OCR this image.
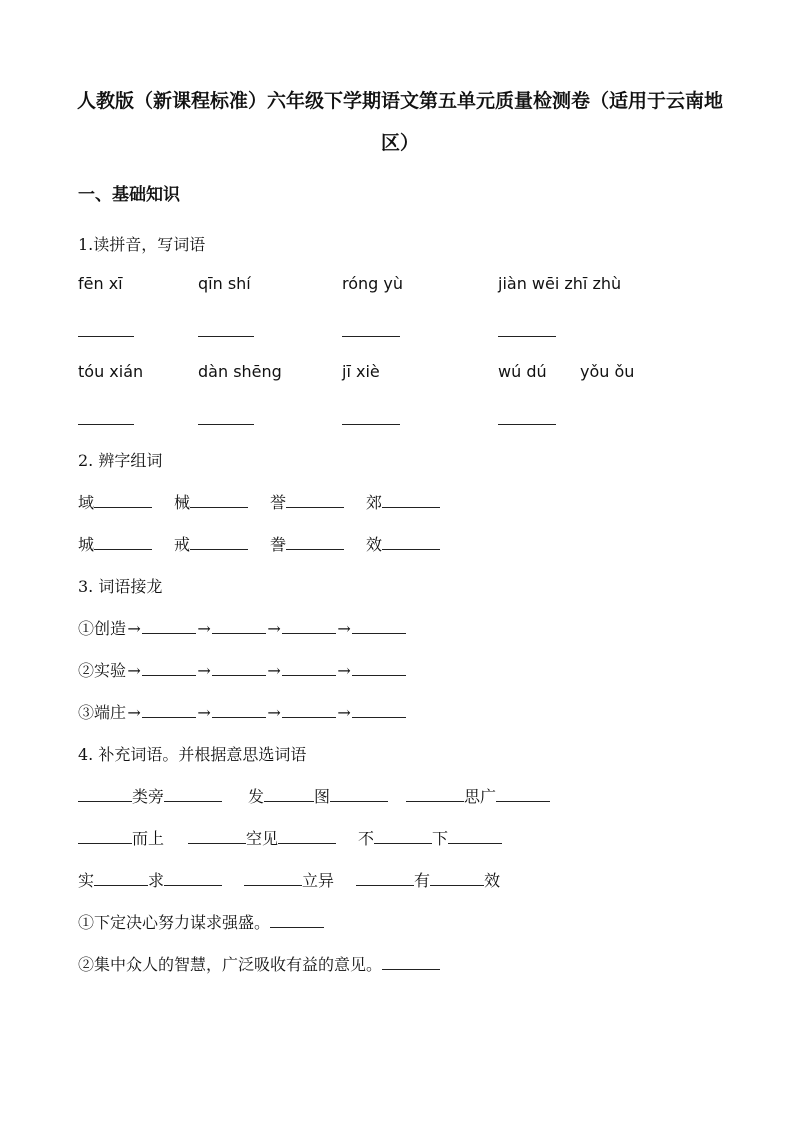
人教版（新课程标准）六年级下学期语文第五单元质量检测卷（适用于云南地
区）
一、基础知识
1.读拼音，写词语
fēn xī	qīn shí	róng yù	jiàn wēi zhī zhù
tóu xián	dàn shēng	jī xiè	wú dú yǒu ǒu
2. 辨字组词
域	械	誉	郊
城	戒	誊	效
3. 词语接龙
①创造→	→	→	→
②实验→	→	→	→
③端庄→	→	→	→
4. 补充词语。并根据意思选词语
类旁	发	图	思广
而上	空见	不	下
实	求	立异	有	效
①下定决心努力谋求强盛。
②集中众人的智慧，广泛吸收有益的意见。
